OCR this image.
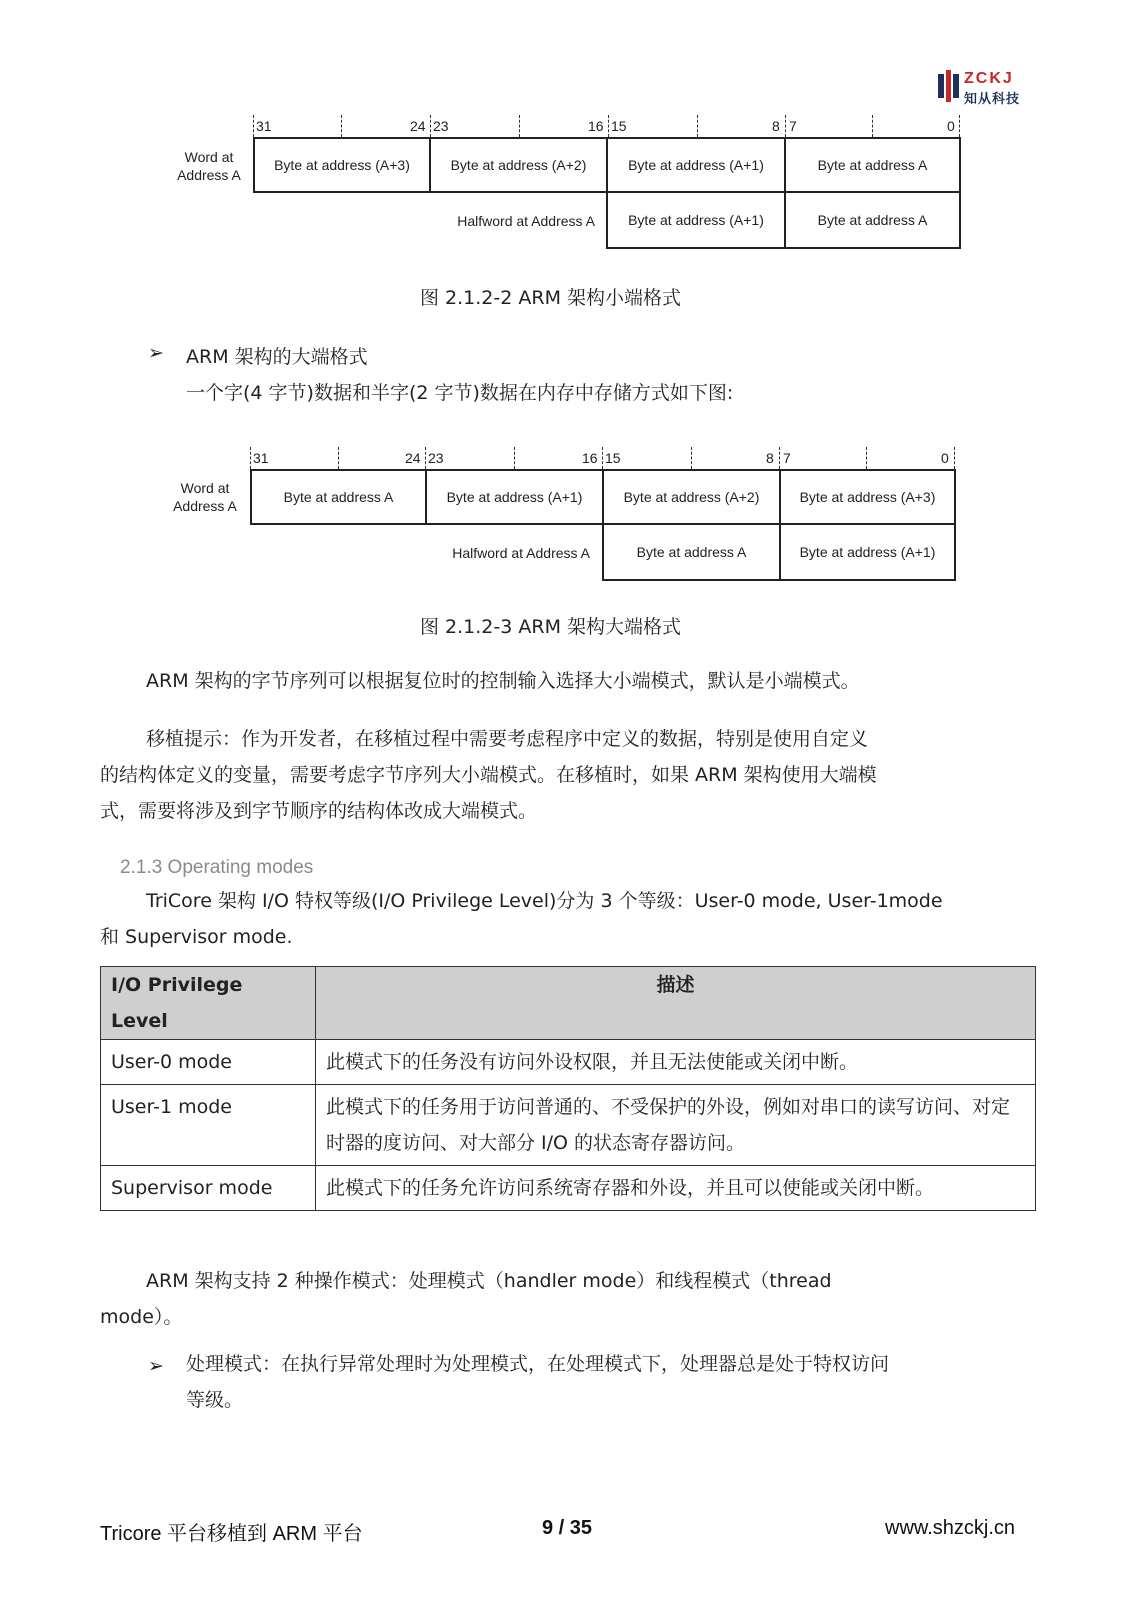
ZCKJ
知从科技
31	24 23	16 15	8 7	0
Word at
Address A
Byte at address (A+3)	Byte at address (A+2)	Byte at address (A+1)	Byte at address A
Halfword at Address A	Byte at address (A+1)	Byte at address A
图 2.1.2-2 ARM 架构小端格式
➢ ARM 架构的大端格式
一个字(4 字节)数据和半字(2 字节)数据在内存中存储方式如下图:
31	24 23	16 15	8 7	0
Word at
Address A
Byte at address A	Byte at address (A+1)	Byte at address (A+2)	Byte at address (A+3)
Halfword at Address A	Byte at address A	Byte at address (A+1)
图 2.1.2-3 ARM 架构大端格式
ARM 架构的字节序列可以根据复位时的控制输入选择大小端模式，默认是小端模式。
移植提示：作为开发者，在移植过程中需要考虑程序中定义的数据，特别是使用自定义
的结构体定义的变量，需要考虑字节序列大小端模式。在移植时，如果 ARM 架构使用大端模
式，需要将涉及到字节顺序的结构体改成大端模式。
2.1.3 Operating modes
TriCore 架构 I/O 特权等级(I/O Privilege Level)分为 3 个等级：User-0 mode, User-1mode
和 Supervisor mode.
I/O Privilege Level	描述
User-0 mode	此模式下的任务没有访问外设权限，并且无法使能或关闭中断。
User-1 mode	此模式下的任务用于访问普通的、不受保护的外设，例如对串口的读写访问、对定时器的度访问、对大部分 I/O 的状态寄存器访问。
Supervisor mode	此模式下的任务允许访问系统寄存器和外设，并且可以使能或关闭中断。
ARM 架构支持 2 种操作模式：处理模式（handler mode）和线程模式（thread
mode）。
➢ 处理模式：在执行异常处理时为处理模式，在处理模式下，处理器总是处于特权访问
等级。
Tricore 平台移植到 ARM 平台	9 / 35	www.shzckj.cn
